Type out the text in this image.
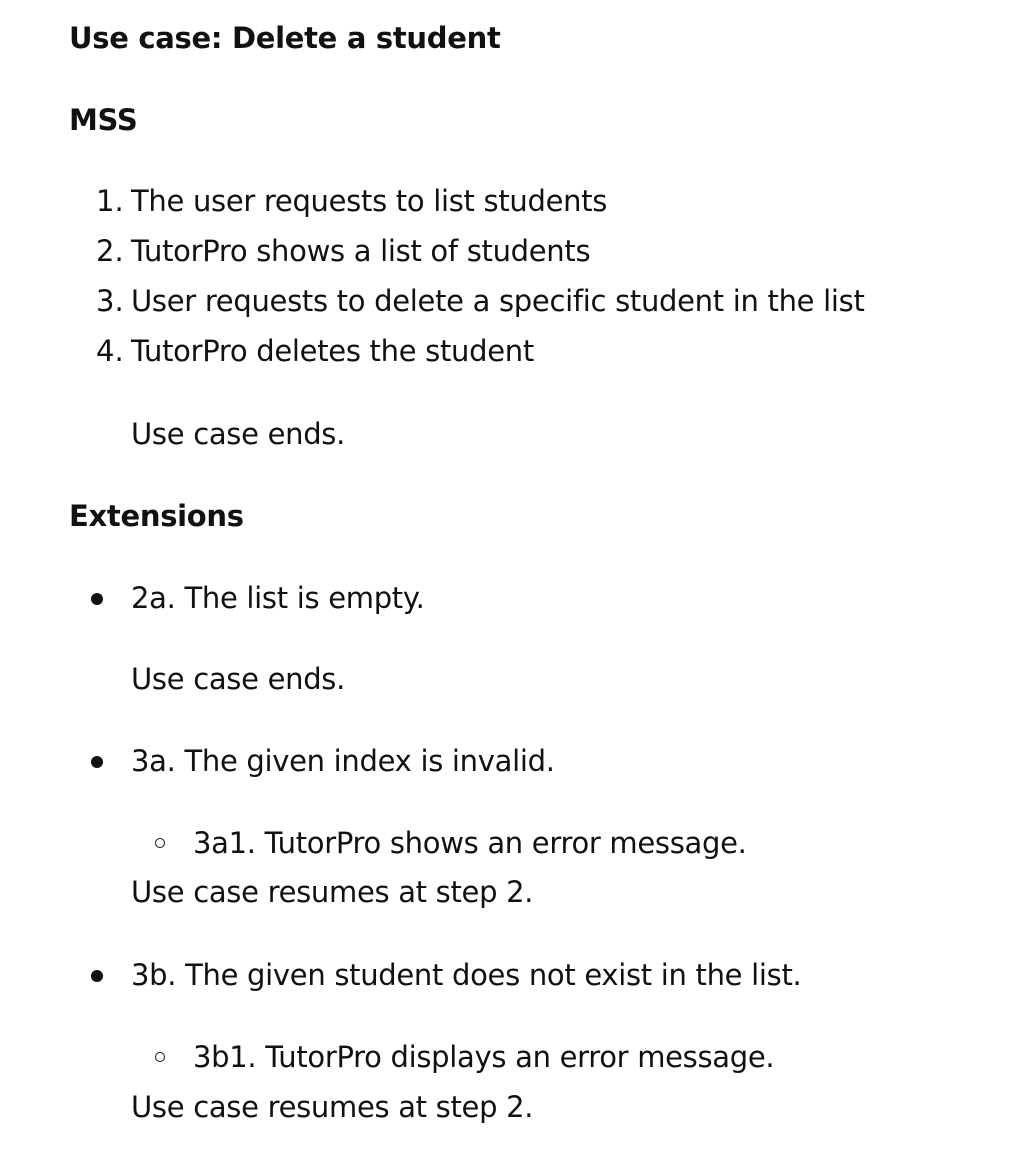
Use case: Delete a student
MSS
1. The user requests to list students
2. TutorPro shows a list of students
3. User requests to delete a specific student in the list
4. TutorPro deletes the student

Use case ends.

Extensions
2a. The list is empty.

Use case ends.

3a. The given index is invalid.
3a1. TutorPro shows an error message.

Use case resumes at step 2.

3b. The given student does not exist in the list.
3b1. TutorPro displays an error message.

Use case resumes at step 2.
